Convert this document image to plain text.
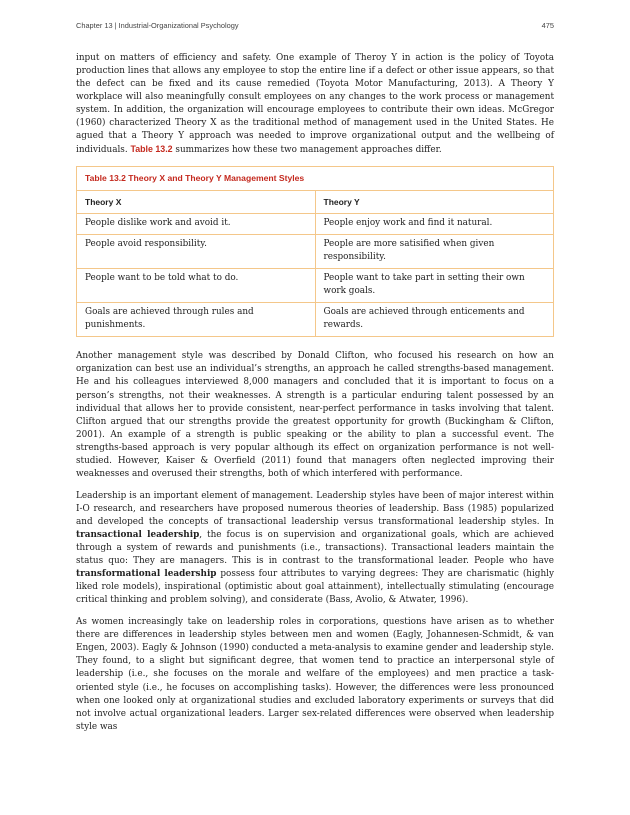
Chapter 13 | Industrial-Organizational Psychology	475

input on matters of efficiency and safety. One example of Theroy Y in action is the policy of Toyota production lines that allows any employee to stop the entire line if a defect or other issue appears, so that the defect can be fixed and its cause remedied (Toyota Motor Manufacturing, 2013). A Theory Y workplace will also meaningfully consult employees on any changes to the work process or management system. In addition, the organization will encourage employees to contribute their own ideas. McGregor (1960) characterized Theory X as the traditional method of management used in the United States. He agued that a Theory Y approach was needed to improve organizational output and the wellbeing of individuals. Table 13.2 summarizes how these two management approaches differ.

Table 13.2 Theory X and Theory Y Management Styles
Theory X	Theory Y
People dislike work and avoid it.	People enjoy work and find it natural.
People avoid responsibility.	People are more satisified when given responsibility.
People want to be told what to do.	People want to take part in setting their own work goals.
Goals are achieved through rules and punishments.	Goals are achieved through enticements and rewards.

Another management style was described by Donald Clifton, who focused his research on how an organization can best use an individual’s strengths, an approach he called strengths-based management. He and his colleagues interviewed 8,000 managers and concluded that it is important to focus on a person’s strengths, not their weaknesses. A strength is a particular enduring talent possessed by an individual that allows her to provide consistent, near-perfect performance in tasks involving that talent. Clifton argued that our strengths provide the greatest opportunity for growth (Buckingham & Clifton, 2001). An example of a strength is public speaking or the ability to plan a successful event. The strengths-based approach is very popular although its effect on organization performance is not well-studied. However, Kaiser & Overfield (2011) found that managers often neglected improving their weaknesses and overused their strengths, both of which interfered with performance.

Leadership is an important element of management. Leadership styles have been of major interest within I-O research, and researchers have proposed numerous theories of leadership. Bass (1985) popularized and developed the concepts of transactional leadership versus transformational leadership styles. In transactional leadership, the focus is on supervision and organizational goals, which are achieved through a system of rewards and punishments (i.e., transactions). Transactional leaders maintain the status quo: They are managers. This is in contrast to the transformational leader. People who have transformational leadership possess four attributes to varying degrees: They are charismatic (highly liked role models), inspirational (optimistic about goal attainment), intellectually stimulating (encourage critical thinking and problem solving), and considerate (Bass, Avolio, & Atwater, 1996).

As women increasingly take on leadership roles in corporations, questions have arisen as to whether there are differences in leadership styles between men and women (Eagly, Johannesen-Schmidt, & van Engen, 2003). Eagly & Johnson (1990) conducted a meta-analysis to examine gender and leadership style. They found, to a slight but significant degree, that women tend to practice an interpersonal style of leadership (i.e., she focuses on the morale and welfare of the employees) and men practice a task-oriented style (i.e., he focuses on accomplishing tasks). However, the differences were less pronounced when one looked only at organizational studies and excluded laboratory experiments or surveys that did not involve actual organizational leaders. Larger sex-related differences were observed when leadership style was
